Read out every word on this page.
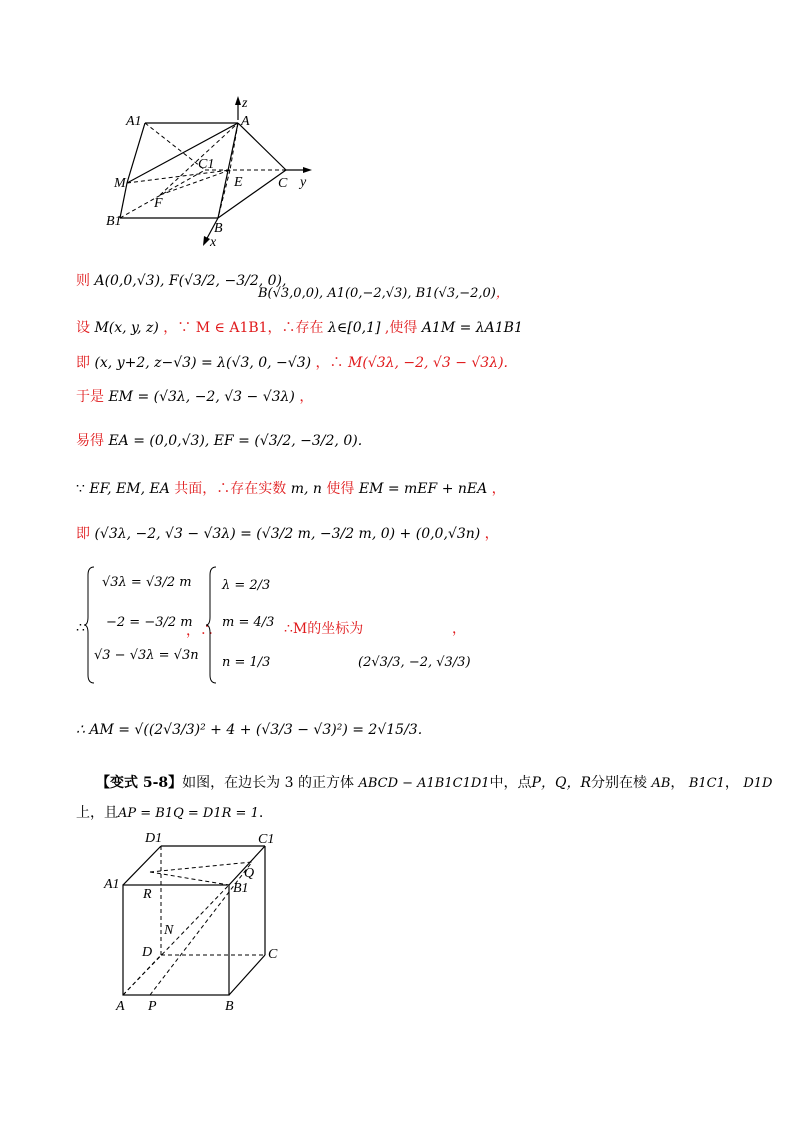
z
A
A1
C1
M	E	C y
F
B1	B
x
则 A(0,0,√3), F(√3/2, −3/2, 0),
B(√3,0,0), A1(0,−2,√3), B1(√3,−2,0)，
设 M(x, y, z) ，∵ M ∈ A1B1，∴存在 λ∈[0,1] ,使得 A1M = λA1B1
即 (x, y+2, z−√3) = λ(√3, 0, −√3) ，∴ M(√3λ, −2, √3 − √3λ).
于是 EM = (√3λ, −2, √3 − √3λ) ，
易得 EA = (0,0,√3), EF = (√3/2, −3/2, 0).
∵ EF, EM, EA 共面，∴存在实数 m, n 使得 EM = mEF + nEA ，
即 (√3λ, −2, √3 − √3λ) = (√3/2 m, −3/2 m, 0) + (0,0,√3n) ，
∴
√3λ = √3/2 m
−2 = −3/2 m
√3 − √3λ = √3n
，∴
λ = 2/3
m = 4/3
n = 1/3
∴M的坐标为	，
(2√3/3, −2, √3/3)
∴ AM = √((2√3/3)² + 4 + (√3/3 − √3)²) = 2√15/3.
【变式 5-8】如图，在边长为 3 的正方体 ABCD − A1B1C1D1中，点P，Q，R分别在棱 AB， B1C1， D1D
上，且AP = B1Q = D1R = 1.
D1	C1
A1
Q
R	B1
N
D	C
A P	B
